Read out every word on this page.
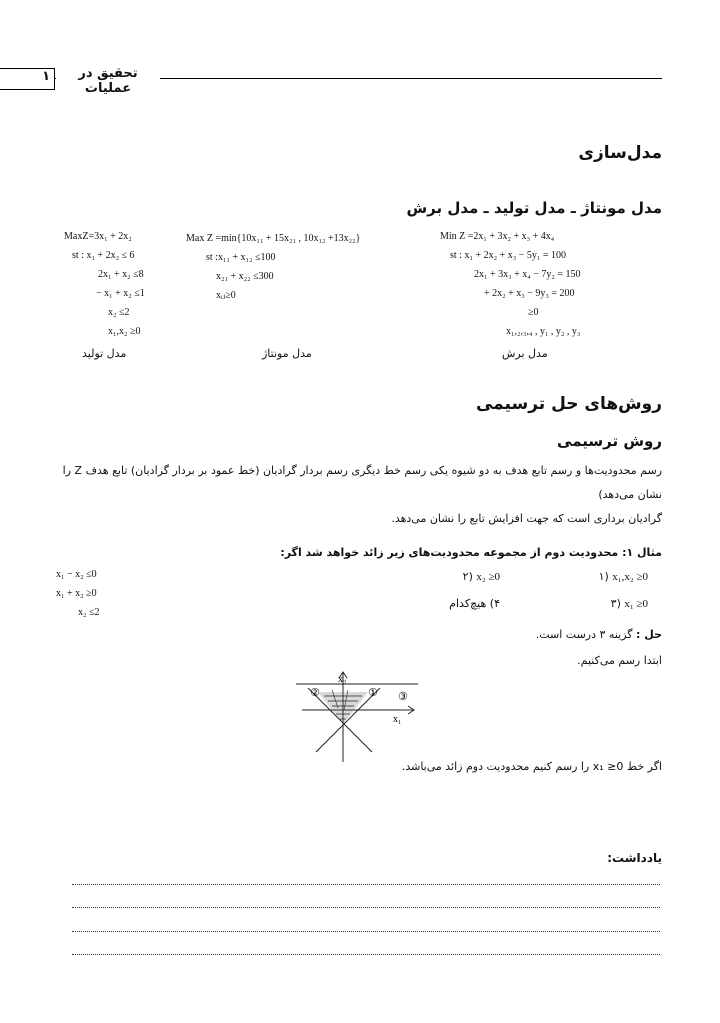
۱	تحقیق در عملیات
مدل‌سازی
مدل مونتاژ ـ مدل تولید ـ مدل برش
MaxZ=3x₁ + 2x₂
st : x₁ + 2x₂ ≤ 6
2x₁ + x₂ ≤8
− x₁ + x₂ ≤1
x₂ ≤2
x₁,x₂ ≥0
مدل تولید
Max Z =min{10x₁₁ + 15x₂₁ , 10x₁₂ +13x₂₂}
st :x₁₁ + x₁₂ ≤100
x₂₁ + x₂₂ ≤300
xᵢⱼ≥0
مدل مونتاژ
Min Z =2x₁ + 3x₂ + x₃ + 4x₄
st : x₁ + 2x₂ + x₃ − 5y₁ = 100
2x₁ + 3x₃ + x₄ − 7y₂ = 150
+ 2x₂ + x₃ − 9y₃ = 200
≥0
x₁,₂,₃,₄ , y₁ , y₂ , y₃
مدل برش
روش‌های حل ترسیمی
روش ترسیمی
رسم محدودیت‌ها و رسم تابع هدف به دو شیوه یکی رسم خط دیگری رسم بردار گرادیان (خط عمود بر بردار گرادیان) تابع هدف Z را
نشان می‌دهد)
گرادیان برداری است که جهت افزایش تابع را نشان می‌دهد.
مثال ۱: محدودیت دوم از مجموعه محدودیت‌های زیر زائد خواهد شد اگر:
x₁ − x₂ ≤0
x₁ + x₂ ≥0
x₂ ≤2
۱) x₁,x₂ ≥0
۲) x₂ ≥0
۳) x₁ ≥0
۴) هیچ‌کدام
حل : گزینه ۳ درست است.
ابتدا رسم می‌کنیم.
x₂
x₁
②	① ③
اگر خط x₁ ≥0 را رسم کنیم محدودیت دوم زائد می‌باشد.
یادداشت:
